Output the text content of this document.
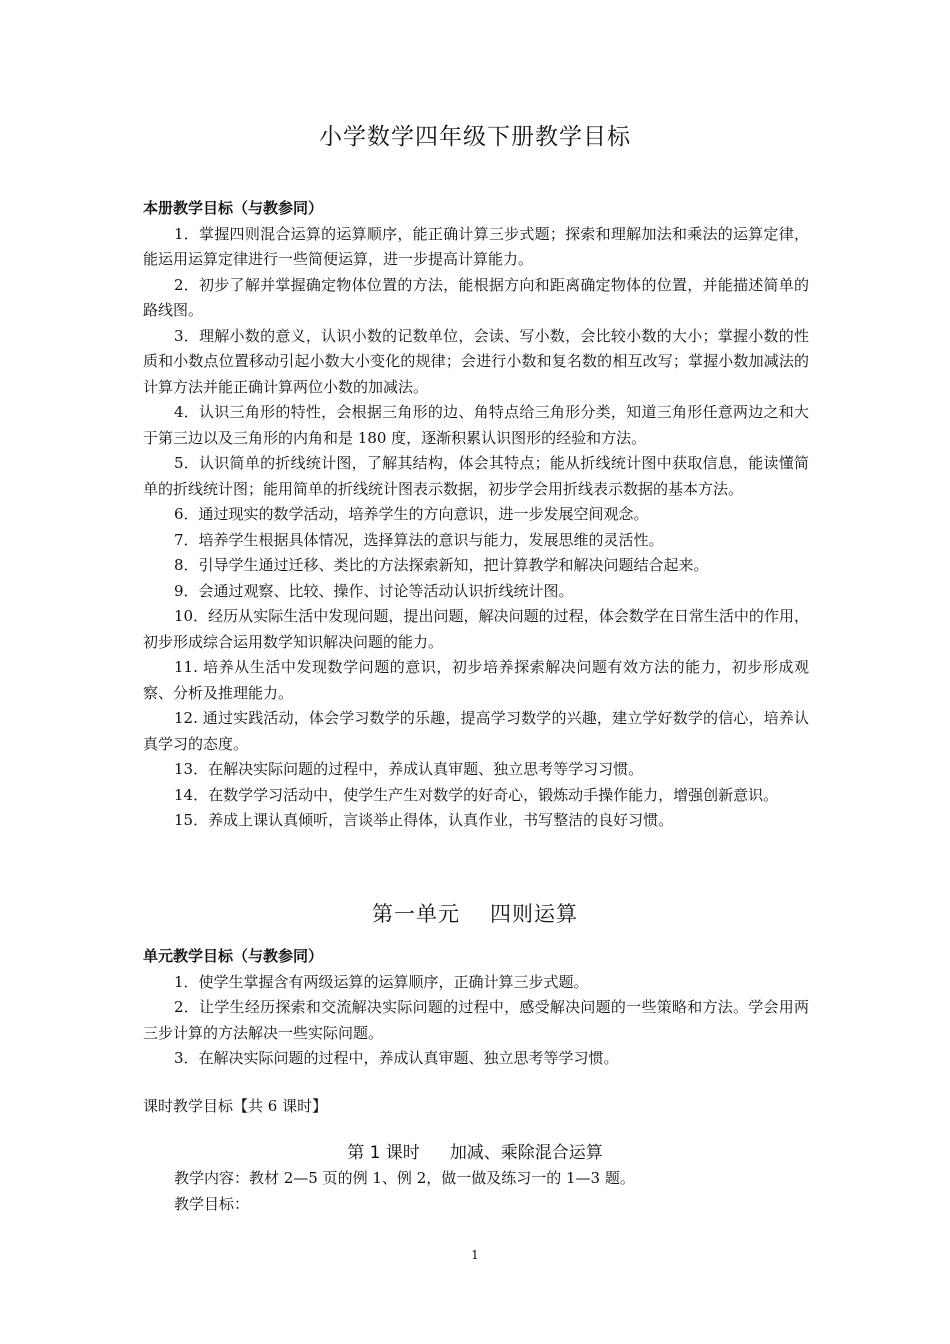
小学数学四年级下册教学目标
本册教学目标（与教参同）

1．掌握四则混合运算的运算顺序，能正确计算三步式题；探索和理解加法和乘法的运算定律，能运用运算定律进行一些简便运算，进一步提高计算能力。

2．初步了解并掌握确定物体位置的方法，能根据方向和距离确定物体的位置，并能描述简单的路线图。

3．理解小数的意义，认识小数的记数单位，会读、写小数，会比较小数的大小；掌握小数的性质和小数点位置移动引起小数大小变化的规律；会进行小数和复名数的相互改写；掌握小数加减法的计算方法并能正确计算两位小数的加减法。

4．认识三角形的特性，会根据三角形的边、角特点给三角形分类，知道三角形任意两边之和大于第三边以及三角形的内角和是 180 度，逐渐积累认识图形的经验和方法。

5．认识简单的折线统计图，了解其结构，体会其特点；能从折线统计图中获取信息，能读懂简单的折线统计图；能用简单的折线统计图表示数据，初步学会用折线表示数据的基本方法。

6．通过现实的数学活动，培养学生的方向意识，进一步发展空间观念。

7．培养学生根据具体情况，选择算法的意识与能力，发展思维的灵活性。

8．引导学生通过迁移、类比的方法探索新知，把计算教学和解决问题结合起来。

9．会通过观察、比较、操作、讨论等活动认识折线统计图。

10．经历从实际生活中发现问题，提出问题，解决问题的过程，体会数学在日常生活中的作用，初步形成综合运用数学知识解决问题的能力。

11. 培养从生活中发现数学问题的意识，初步培养探索解决问题有效方法的能力，初步形成观察、分析及推理能力。

12. 通过实践活动，体会学习数学的乐趣，提高学习数学的兴趣，建立学好数学的信心，培养认真学习的态度。

13．在解决实际问题的过程中，养成认真审题、独立思考等学习习惯。

14．在数学学习活动中，使学生产生对数学的好奇心，锻炼动手操作能力，增强创新意识。

15．养成上课认真倾听，言谈举止得体，认真作业，书写整洁的良好习惯。

第一单元 四则运算
单元教学目标（与教参同）

1．使学生掌握含有两级运算的运算顺序，正确计算三步式题。

2．让学生经历探索和交流解决实际问题的过程中，感受解决问题的一些策略和方法。学会用两三步计算的方法解决一些实际问题。

3．在解决实际问题的过程中，养成认真审题、独立思考等学习惯。

课时教学目标【共 6 课时】
第 1 课时 加减、乘除混合运算

教学内容：教材 2—5 页的例 1、例 2，做一做及练习一的 1—3 题。

教学目标：

1
